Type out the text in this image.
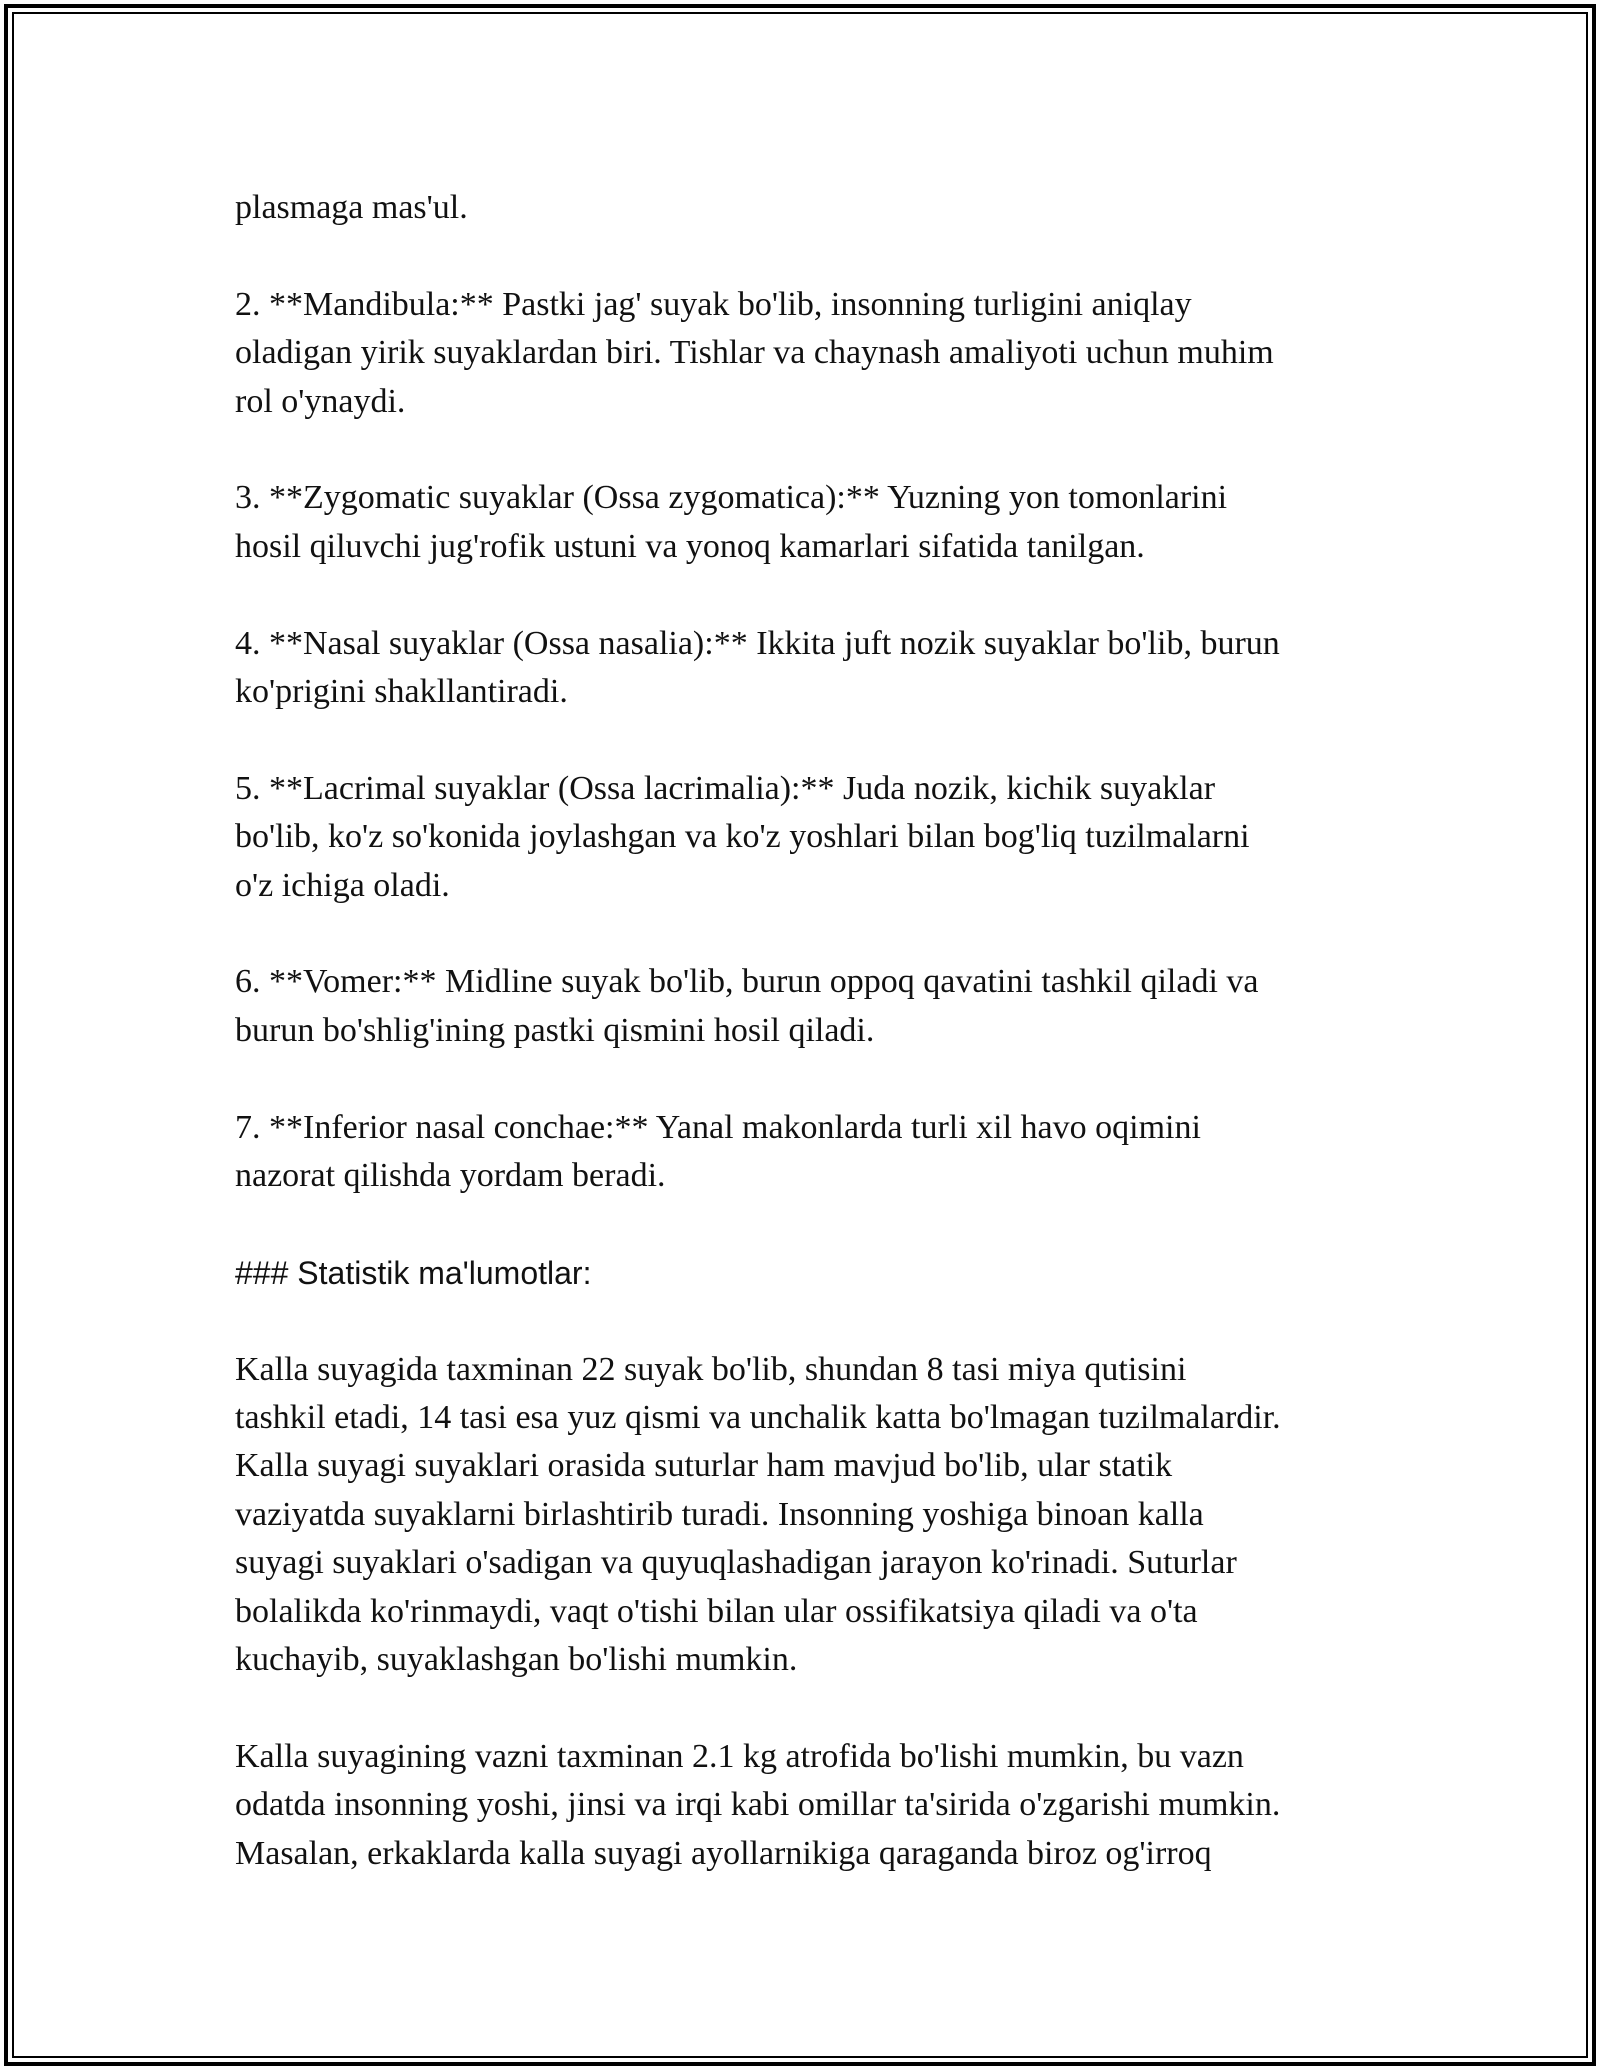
plasmaga mas'ul.

2. **Mandibula:** Pastki jag' suyak bo'lib, insonning turligini aniqlay
oladigan yirik suyaklardan biri. Tishlar va chaynash amaliyoti uchun muhim
rol o'ynaydi.

3. **Zygomatic suyaklar (Ossa zygomatica):** Yuzning yon tomonlarini
hosil qiluvchi jug'rofik ustuni va yonoq kamarlari sifatida tanilgan.

4. **Nasal suyaklar (Ossa nasalia):** Ikkita juft nozik suyaklar bo'lib, burun
ko'prigini shakllantiradi.

5. **Lacrimal suyaklar (Ossa lacrimalia):** Juda nozik, kichik suyaklar
bo'lib, ko'z so'konida joylashgan va ko'z yoshlari bilan bog'liq tuzilmalarni
o'z ichiga oladi.

6. **Vomer:** Midline suyak bo'lib, burun oppoq qavatini tashkil qiladi va
burun bo'shlig'ining pastki qismini hosil qiladi.

7. **Inferior nasal conchae:** Yanal makonlarda turli xil havo oqimini
nazorat qilishda yordam beradi.

### Statistik ma'lumotlar:

Kalla suyagida taxminan 22 suyak bo'lib, shundan 8 tasi miya qutisini
tashkil etadi, 14 tasi esa yuz qismi va unchalik katta bo'lmagan tuzilmalardir.
Kalla suyagi suyaklari orasida suturlar ham mavjud bo'lib, ular statik
vaziyatda suyaklarni birlashtirib turadi. Insonning yoshiga binoan kalla
suyagi suyaklari o'sadigan va quyuqlashadigan jarayon ko'rinadi. Suturlar
bolalikda ko'rinmaydi, vaqt o'tishi bilan ular ossifikatsiya qiladi va o'ta
kuchayib, suyaklashgan bo'lishi mumkin.

Kalla suyagining vazni taxminan 2.1 kg atrofida bo'lishi mumkin, bu vazn
odatda insonning yoshi, jinsi va irqi kabi omillar ta'sirida o'zgarishi mumkin.
Masalan, erkaklarda kalla suyagi ayollarnikiga qaraganda biroz og'irroq
